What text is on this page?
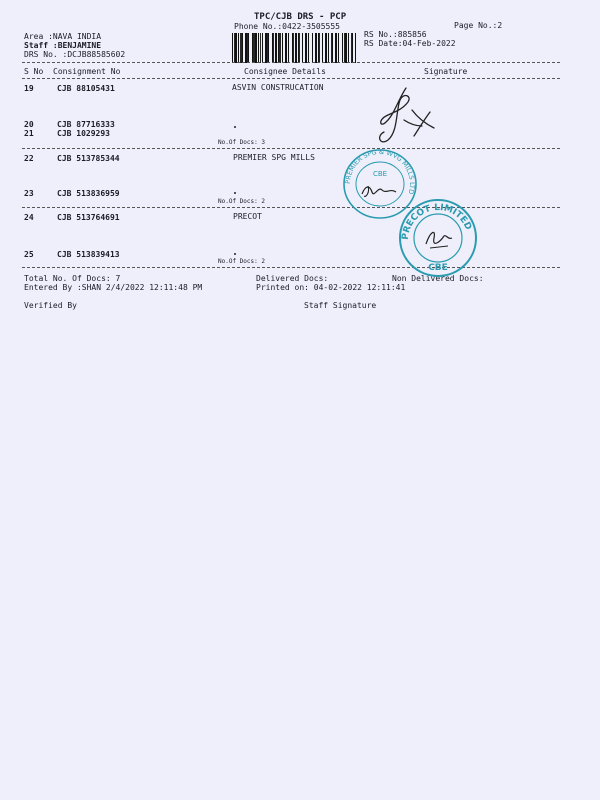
TPC/CJB DRS - PCP
Phone No.:0422-3505555	Page No.:2
Area :NAVA INDIA
Staff :BENJAMINE
DRS No. :DCJB88585602
RS No.:885856
RS Date:04-Feb-2022
S No Consignment No	Consignee Details	Signature
19	CJB 88105431	ASVIN CONSTRUCATION
20	CJB 87716333
21	CJB 1029293
No.Of Docs: 3
22	CJB 513785344	PREMIER SPG MILLS
23	CJB 513836959
No.Of Docs: 2
24	CJB 513764691	PRECOT
25	CJB 513839413
No.Of Docs: 2
Total No. Of Docs: 7	Delivered Docs:	Non Delivered Docs:
Entered By :SHAN 2/4/2022 12:11:48 PM	Printed on: 04-02-2022 12:11:41
Verified By	Staff Signature
PREMIER SPG & WVG MILLS LTD
CBE
PRECOT LIMITED
CBE
